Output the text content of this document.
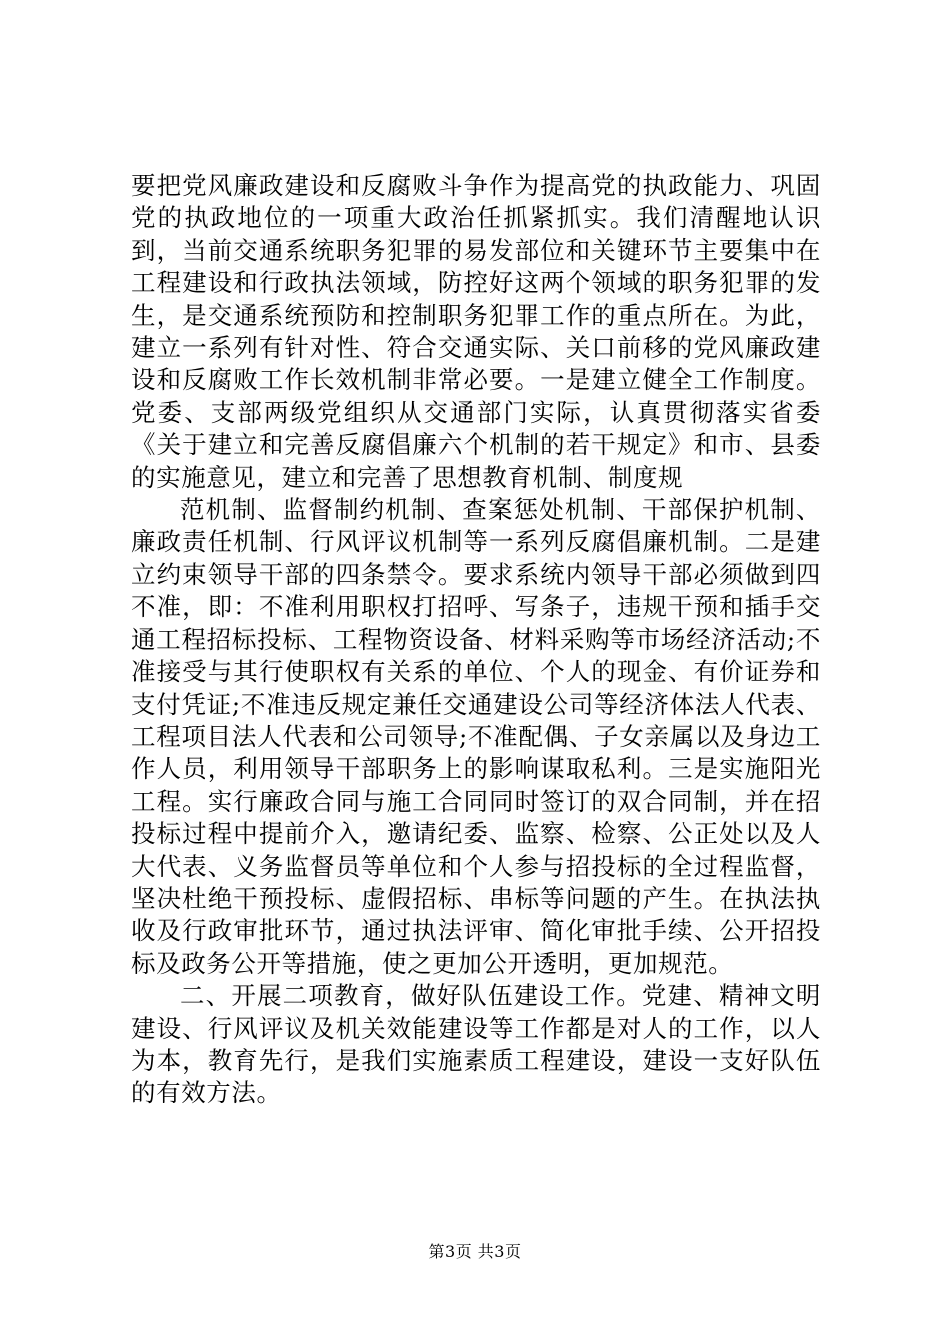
要把党风廉政建设和反腐败斗争作为提高党的执政能力、巩固党的执政地位的一项重大政治任抓紧抓实。我们清醒地认识到，当前交通系统职务犯罪的易发部位和关键环节主要集中在工程建设和行政执法领域，防控好这两个领域的职务犯罪的发生，是交通系统预防和控制职务犯罪工作的重点所在。为此，建立一系列有针对性、符合交通实际、关口前移的党风廉政建设和反腐败工作长效机制非常必要。一是建立健全工作制度。党委、支部两级党组织从交通部门实际，认真贯彻落实省委《关于建立和完善反腐倡廉六个机制的若干规定》和市、县委的实施意见，建立和完善了思想教育机制、制度规

范机制、监督制约机制、查案惩处机制、干部保护机制、廉政责任机制、行风评议机制等一系列反腐倡廉机制。二是建立约束领导干部的四条禁令。要求系统内领导干部必须做到四不准，即：不准利用职权打招呼、写条子，违规干预和插手交通工程招标投标、工程物资设备、材料采购等市场经济活动;不准接受与其行使职权有关系的单位、个人的现金、有价证券和支付凭证;不准违反规定兼任交通建设公司等经济体法人代表、工程项目法人代表和公司领导;不准配偶、子女亲属以及身边工作人员，利用领导干部职务上的影响谋取私利。三是实施阳光工程。实行廉政合同与施工合同同时签订的双合同制，并在招投标过程中提前介入，邀请纪委、监察、检察、公正处以及人大代表、义务监督员等单位和个人参与招投标的全过程监督，坚决杜绝干预投标、虚假招标、串标等问题的产生。在执法执收及行政审批环节，通过执法评审、简化审批手续、公开招投标及政务公开等措施，使之更加公开透明，更加规范。

二、开展二项教育，做好队伍建设工作。党建、精神文明建设、行风评议及机关效能建设等工作都是对人的工作，以人为本，教育先行，是我们实施素质工程建设，建设一支好队伍的有效方法。

第3页 共3页
